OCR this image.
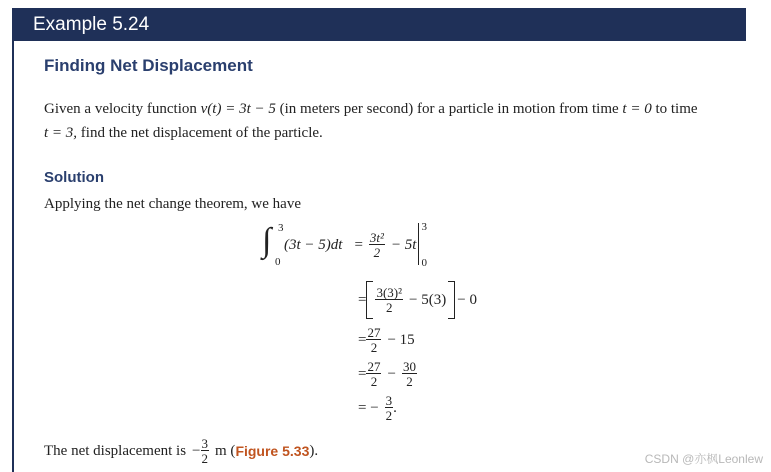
Example 5.24
Finding Net Displacement
Given a velocity function v(t) = 3t − 5 (in meters per second) for a particle in motion from time t = 0 to time
t = 3, find the net displacement of the particle.
Solution
Applying the net change theorem, we have
∫ 3
0
$(3t - 5)dt = \frac{\text{3t²}}{2} - 5t$
3
0
= $\frac{\text{3(3)²}}{2} - 5(3) - 0$
= $\frac{27}{2} - 15$
= $\frac{27}{2} - \frac{30}{2}$
= − $\frac{3}{2}$ .
The net displacement is − $\frac{3}{2}$ m ( Figure 5.33 ).	CSDN @亦枫Leonlew
